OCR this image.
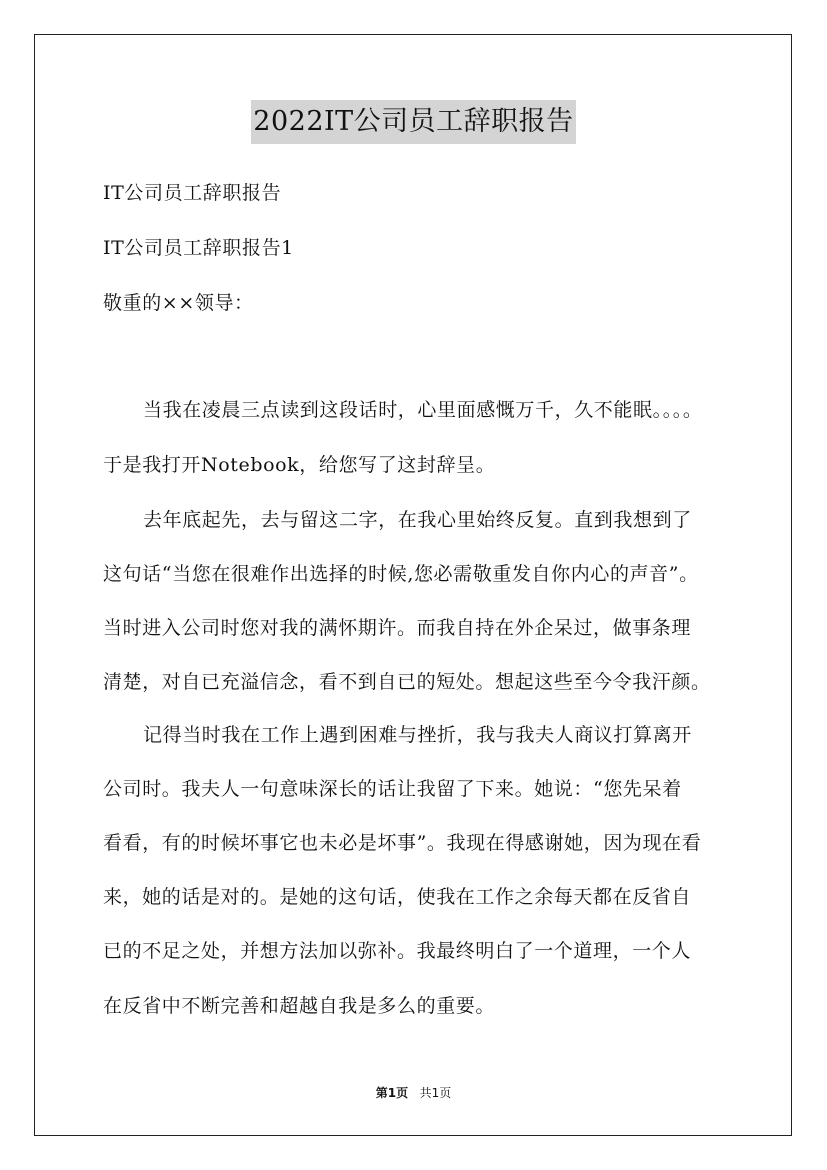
2022IT公司员工辞职报告
IT公司员工辞职报告
IT公司员工辞职报告1
敬重的××领导：
当我在凌晨三点读到这段话时，心里面感慨万千，久不能眠。。。。
于是我打开Notebook，给您写了这封辞呈。
去年底起先，去与留这二字，在我心里始终反复。直到我想到了
这句话“当您在很难作出选择的时候,您必需敬重发自你内心的声音”。
当时进入公司时您对我的满怀期许。而我自持在外企呆过，做事条理
清楚，对自已充溢信念，看不到自已的短处。想起这些至今令我汗颜。
记得当时我在工作上遇到困难与挫折，我与我夫人商议打算离开
公司时。我夫人一句意味深长的话让我留了下来。她说：“您先呆着
看看，有的时候坏事它也未必是坏事”。我现在得感谢她，因为现在看
来，她的话是对的。是她的这句话，使我在工作之余每天都在反省自
已的不足之处，并想方法加以弥补。我最终明白了一个道理，一个人
在反省中不断完善和超越自我是多么的重要。
第1页 共1页
